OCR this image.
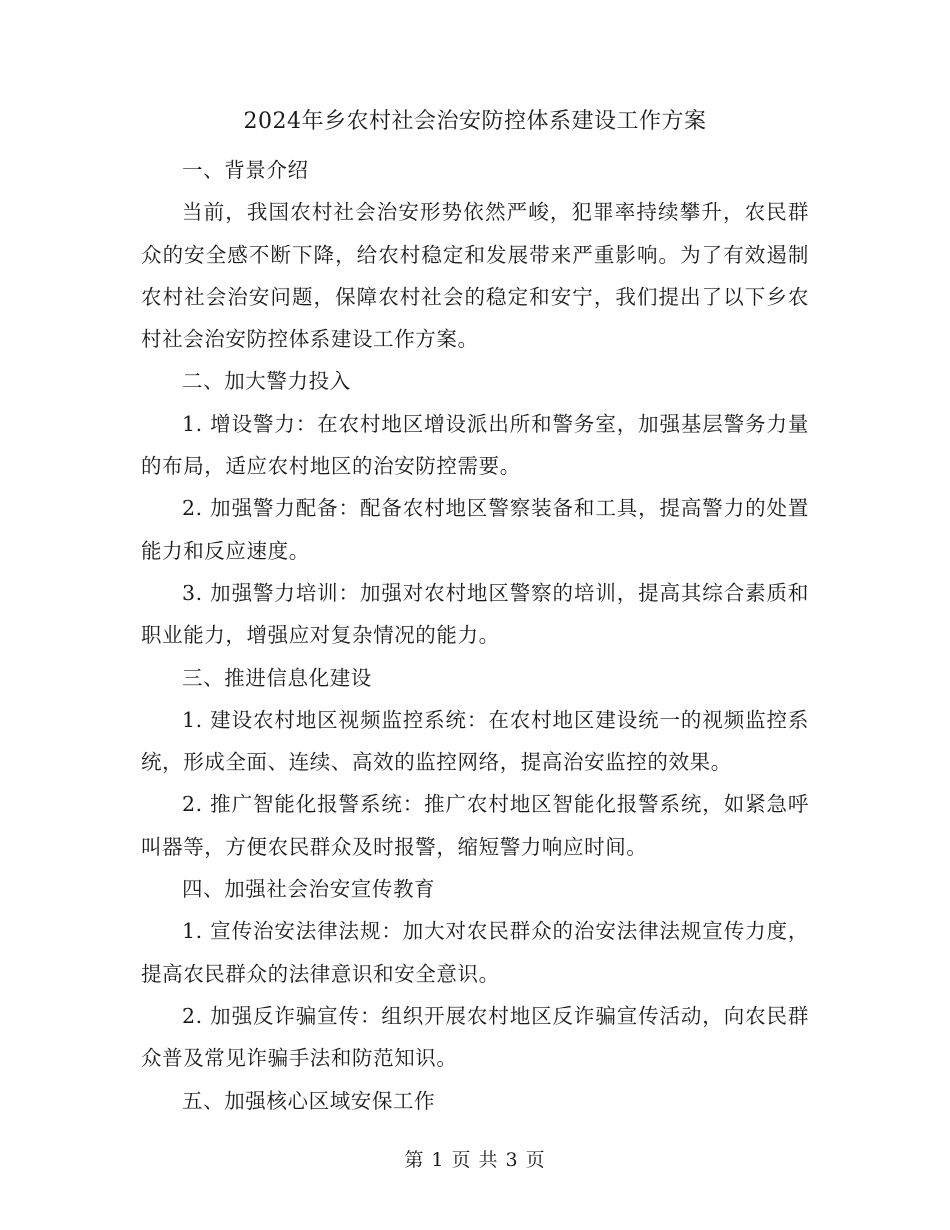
2024年乡农村社会治安防控体系建设工作方案

一、背景介绍

当前，我国农村社会治安形势依然严峻，犯罪率持续攀升，农民群众的安全感不断下降，给农村稳定和发展带来严重影响。为了有效遏制农村社会治安问题，保障农村社会的稳定和安宁，我们提出了以下乡农村社会治安防控体系建设工作方案。

二、加大警力投入

1. 增设警力：在农村地区增设派出所和警务室，加强基层警务力量的布局，适应农村地区的治安防控需要。

2. 加强警力配备：配备农村地区警察装备和工具，提高警力的处置能力和反应速度。

3. 加强警力培训：加强对农村地区警察的培训，提高其综合素质和职业能力，增强应对复杂情况的能力。

三、推进信息化建设

1. 建设农村地区视频监控系统：在农村地区建设统一的视频监控系统，形成全面、连续、高效的监控网络，提高治安监控的效果。

2. 推广智能化报警系统：推广农村地区智能化报警系统，如紧急呼叫器等，方便农民群众及时报警，缩短警力响应时间。

四、加强社会治安宣传教育

1. 宣传治安法律法规：加大对农民群众的治安法律法规宣传力度，提高农民群众的法律意识和安全意识。

2. 加强反诈骗宣传：组织开展农村地区反诈骗宣传活动，向农民群众普及常见诈骗手法和防范知识。

五、加强核心区域安保工作

第 1 页 共 3 页
